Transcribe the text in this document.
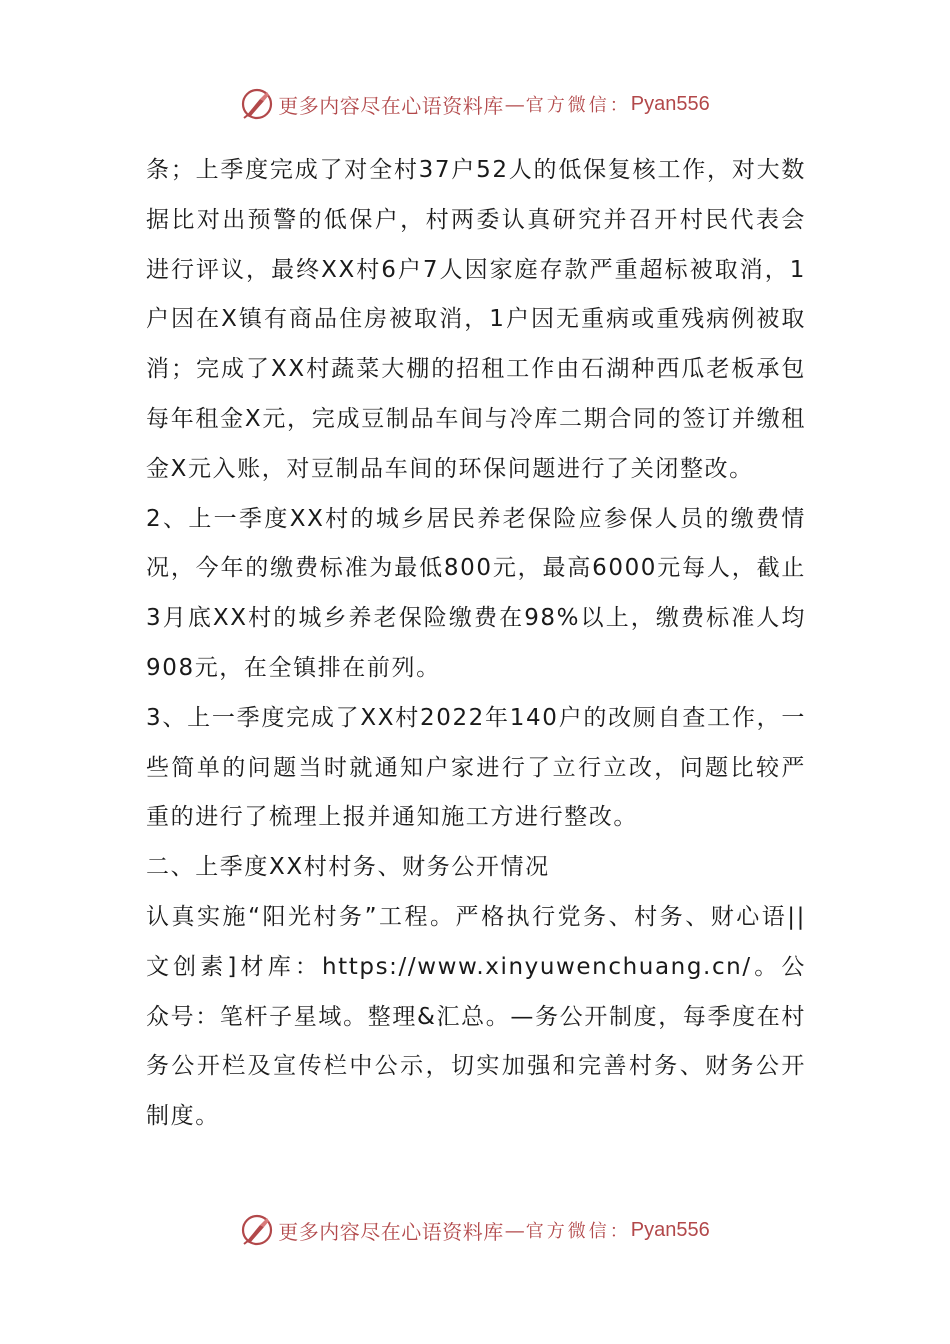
更多内容尽在心语资料库 — 官方微信： Pyan556

条；上季度完成了对全村37户52人的低保复核工作，对大数据比对出预警的低保户，村两委认真研究并召开村民代表会进行评议，最终XX村6户7人因家庭存款严重超标被取消，1户因在X镇有商品住房被取消，1户因无重病或重残病例被取消；完成了XX村蔬菜大棚的招租工作由石湖种西瓜老板承包每年租金X元，完成豆制品车间与冷库二期合同的签订并缴租金X元入账，对豆制品车间的环保问题进行了关闭整改。

2、上一季度XX村的城乡居民养老保险应参保人员的缴费情况，今年的缴费标准为最低800元，最高6000元每人，截止3月底XX村的城乡养老保险缴费在98%以上，缴费标准人均908元，在全镇排在前列。

3、上一季度完成了XX村2022年140户的改厕自查工作，一些简单的问题当时就通知户家进行了立行立改，问题比较严重的进行了梳理上报并通知施工方进行整改。

二、上季度XX村村务、财务公开情况

认真实施“阳光村务”工程。严格执行党务、村务、财心语||文创素]材库：https://www.xinyuwenchuang.cn/。公众号：笔杆子星域。整理&汇总。—务公开制度，每季度在村务公开栏及宣传栏中公示，切实加强和完善村务、财务公开制度。

更多内容尽在心语资料库 — 官方微信： Pyan556
